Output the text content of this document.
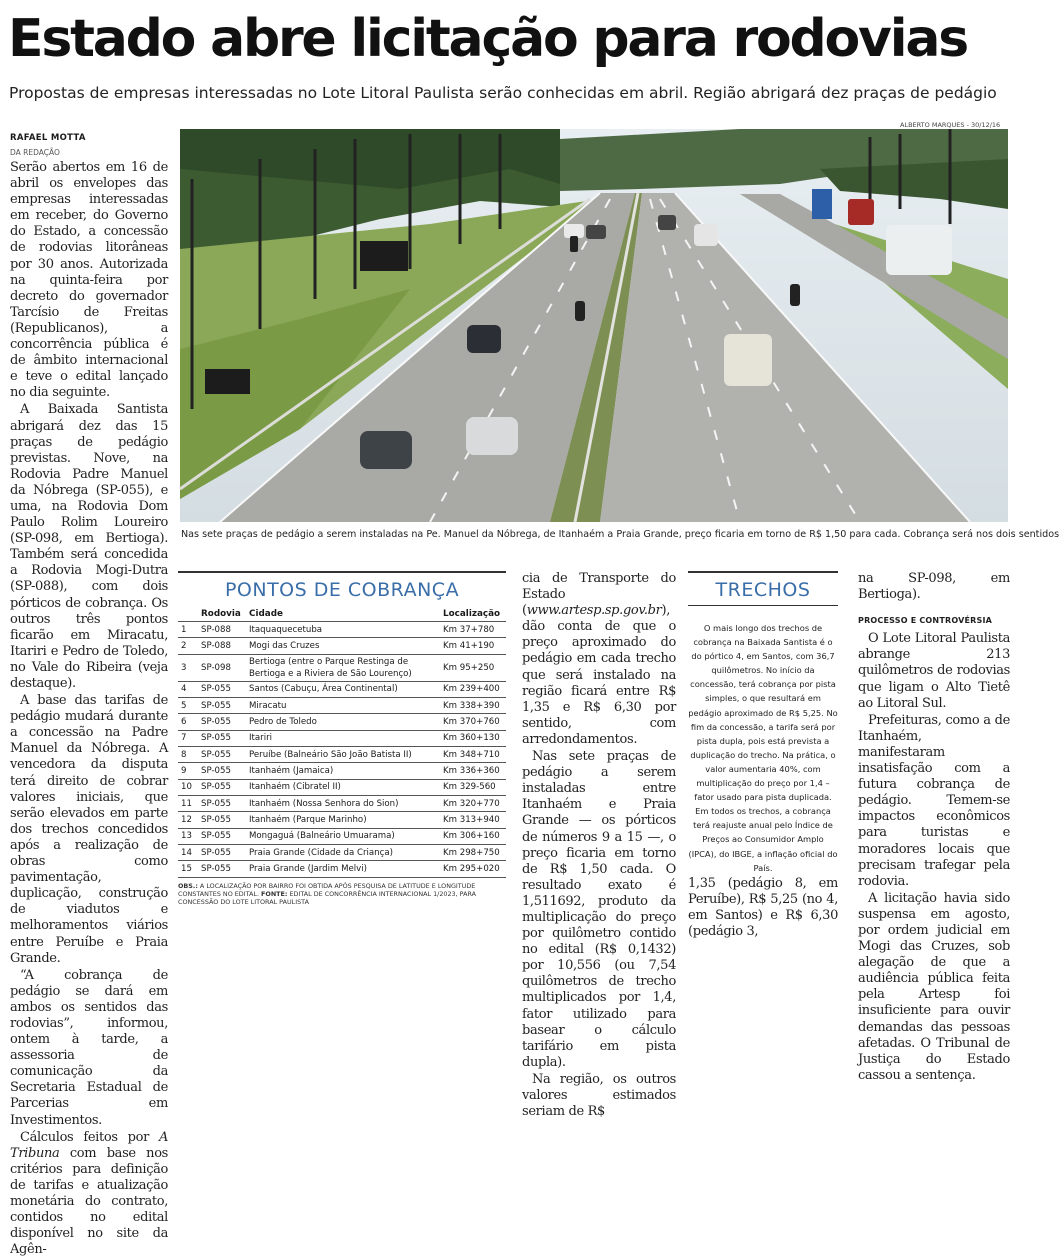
Estado abre licitação para rodovias
Propostas de empresas interessadas no Lote Litoral Paulista serão conhecidas em abril. Região abrigará dez praças de pedágio
RAFAEL MOTTA
DA REDAÇÃO

Serão abertos em 16 de abril os envelopes das empresas interessadas em receber, do Governo do Estado, a concessão de rodovias litorâneas por 30 anos. Autorizada na quinta-feira por decreto do governador Tarcísio de Freitas (Republicanos), a concorrência pública é de âmbito internacional e teve o edital lançado no dia seguinte.

A Baixada Santista abrigará dez das 15 praças de pedágio previstas. Nove, na Rodovia Padre Manuel da Nóbrega (SP-055), e uma, na Rodovia Dom Paulo Rolim Loureiro (SP-098, em Bertioga). Também será concedida a Rodovia Mogi-Dutra (SP-088), com dois pórticos de cobrança. Os outros três pontos ficarão em Miracatu, Itariri e Pedro de Toledo, no Vale do Ribeira (veja destaque).

A base das tarifas de pedágio mudará durante a concessão na Padre Manuel da Nóbrega. A vencedora da disputa terá direito de cobrar valores iniciais, que serão elevados em parte dos trechos concedidos após a realização de obras como pavimentação, duplicação, construção de viadutos e melhoramentos viários entre Peruíbe e Praia Grande.

“A cobrança de pedágio se dará em ambos os sentidos das rodovias”, informou, ontem à tarde, a assessoria de comunicação da Secretaria Estadual de Parcerias em Investimentos.

Cálculos feitos por A Tribuna com base nos critérios para definição de tarifas e atualização monetária do contrato, contidos no edital disponível no site da Agên-

ALBERTO MARQUES - 30/12/16
Nas sete praças de pedágio a serem instaladas na Pe. Manuel da Nóbrega, de Itanhaém a Praia Grande, preço ficaria em torno de R$ 1,50 para cada. Cobrança será nos dois sentidos
PONTOS DE COBRANÇA
	Rodovia	Cidade	Localização
1	SP-088	Itaquaquecetuba	Km 37+780
2	SP-088	Mogi das Cruzes	Km 41+190
3	SP-098	Bertioga (entre o Parque Restinga de Bertioga e a Riviera de São Lourenço)	Km 95+250
4	SP-055	Santos (Cabuçu, Área Continental)	Km 239+400
5	SP-055	Miracatu	Km 338+390
6	SP-055	Pedro de Toledo	Km 370+760
7	SP-055	Itariri	Km 360+130
8	SP-055	Peruíbe (Balneário São João Batista II)	Km 348+710
9	SP-055	Itanhaém (Jamaica)	Km 336+360
10	SP-055	Itanhaém (Cibratel II)	Km 329-560
11	SP-055	Itanhaém (Nossa Senhora do Sion)	Km 320+770
12	SP-055	Itanhaém (Parque Marinho)	Km 313+940
13	SP-055	Mongaguá (Balneário Umuarama)	Km 306+160
14	SP-055	Praia Grande (Cidade da Criança)	Km 298+750
15	SP-055	Praia Grande (Jardim Melvi)	Km 295+020
OBS.: A LOCALIZAÇÃO POR BAIRRO FOI OBTIDA APÓS PESQUISA DE LATITUDE E LONGITUDE CONSTANTES NO EDITAL. FONTE: EDITAL DE CONCORRÊNCIA INTERNACIONAL 1/2023, PARA CONCESSÃO DO LOTE LITORAL PAULISTA

cia de Transporte do Estado (www.artesp.sp.gov.br), dão conta de que o preço aproximado do pedágio em cada trecho que será instalado na região ficará entre R$ 1,35 e R$ 6,30 por sentido, com arredondamentos.

Nas sete praças de pedágio a serem instaladas entre Itanhaém e Praia Grande — os pórticos de números 9 a 15 —, o preço ficaria em torno de R$ 1,50 cada. O resultado exato é 1,511692, produto da multiplicação do preço por quilômetro contido no edital (R$ 0,1432) por 10,556 (ou 7,54 quilômetros de trecho multiplicados por 1,4, fator utilizado para basear o cálculo tarifário em pista dupla).

Na região, os outros valores estimados seriam de R$

TRECHOS

O mais longo dos trechos de cobrança na Baixada Santista é o do pórtico 4, em Santos, com 36,7 quilômetros. No início da concessão, terá cobrança por pista simples, o que resultará em pedágio aproximado de R$ 5,25. No fim da concessão, a tarifa será por pista dupla, pois está prevista a duplicação do trecho. Na prática, o valor aumentaria 40%, com multiplicação do preço por 1,4 – fator usado para pista duplicada.

Em todos os trechos, a cobrança terá reajuste anual pelo Índice de Preços ao Consumidor Amplo (IPCA), do IBGE, a inflação oficial do País.

1,35 (pedágio 8, em Peruíbe), R$ 5,25 (no 4, em Santos) e R$ 6,30 (pedágio 3,

na SP-098, em Bertioga).

PROCESSO E CONTROVÉRSIA

O Lote Litoral Paulista abrange 213 quilômetros de rodovias que ligam o Alto Tietê ao Litoral Sul.

Prefeituras, como a de Itanhaém, manifestaram insatisfação com a futura cobrança de pedágio. Temem-se impactos econômicos para turistas e moradores locais que precisam trafegar pela rodovia.

A licitação havia sido suspensa em agosto, por ordem judicial em Mogi das Cruzes, sob alegação de que a audiência pública feita pela Artesp foi insuficiente para ouvir demandas das pessoas afetadas. O Tribunal de Justiça do Estado cassou a sentença.
